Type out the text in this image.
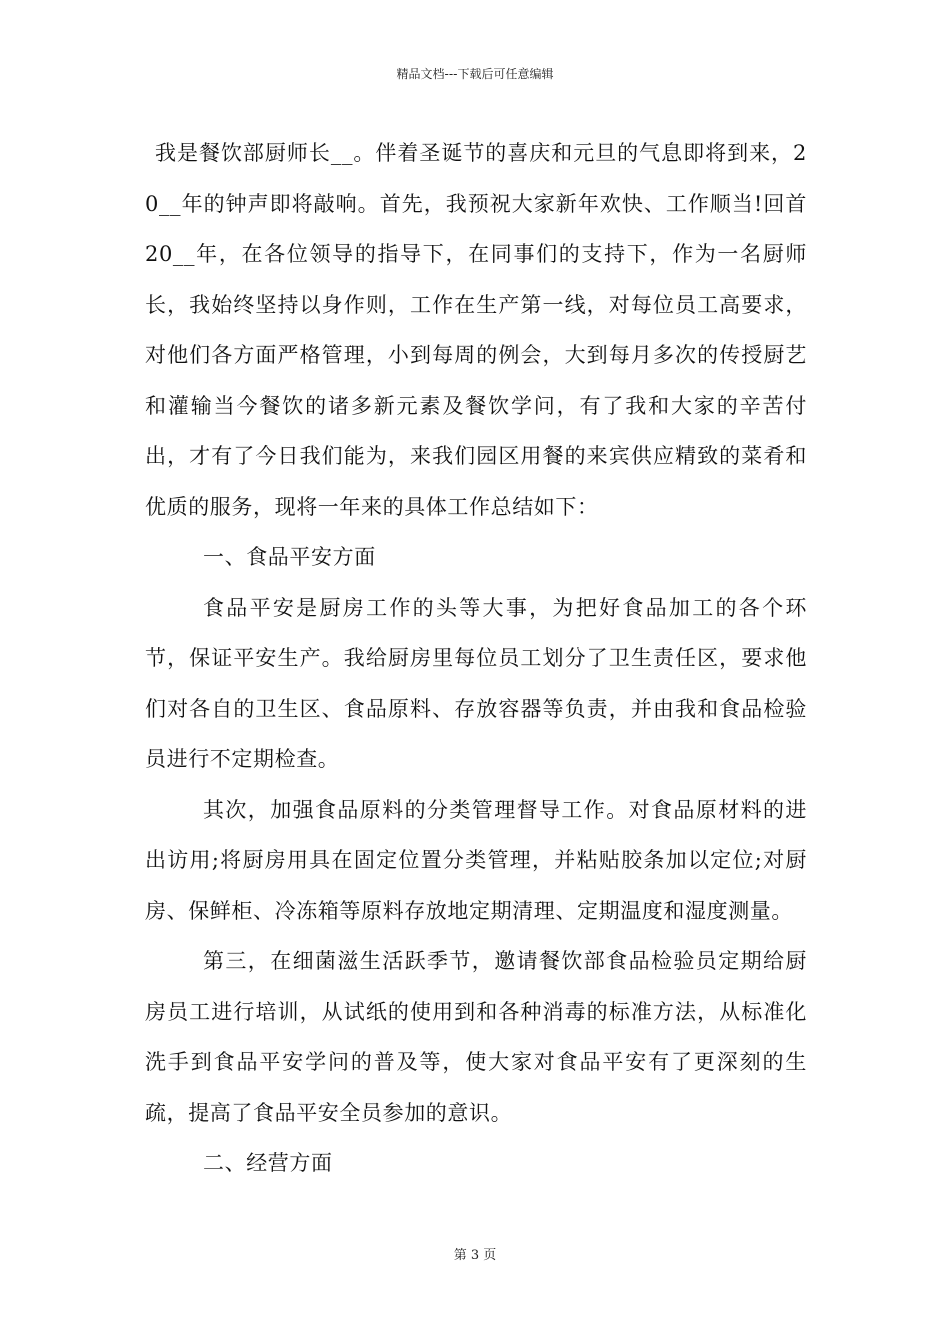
精品文档---下载后可任意编辑

我是餐饮部厨师长__。伴着圣诞节的喜庆和元旦的气息即将到来，20__年的钟声即将敲响。首先，我预祝大家新年欢快、工作顺当!回首20__年，在各位领导的指导下，在同事们的支持下，作为一名厨师长，我始终坚持以身作则，工作在生产第一线，对每位员工高要求，对他们各方面严格管理，小到每周的例会，大到每月多次的传授厨艺和灌输当今餐饮的诸多新元素及餐饮学问，有了我和大家的辛苦付出，才有了今日我们能为，来我们园区用餐的来宾供应精致的菜肴和优质的服务，现将一年来的具体工作总结如下：

一、食品平安方面

食品平安是厨房工作的头等大事，为把好食品加工的各个环节，保证平安生产。我给厨房里每位员工划分了卫生责任区，要求他们对各自的卫生区、食品原料、存放容器等负责，并由我和食品检验员进行不定期检查。

其次，加强食品原料的分类管理督导工作。对食品原材料的进出访用;将厨房用具在固定位置分类管理，并粘贴胶条加以定位;对厨房、保鲜柜、冷冻箱等原料存放地定期清理、定期温度和湿度测量。

第三，在细菌滋生活跃季节，邀请餐饮部食品检验员定期给厨房员工进行培训，从试纸的使用到和各种消毒的标准方法，从标准化洗手到食品平安学问的普及等，使大家对食品平安有了更深刻的生疏，提高了食品平安全员参加的意识。

二、经营方面

第 3 页
